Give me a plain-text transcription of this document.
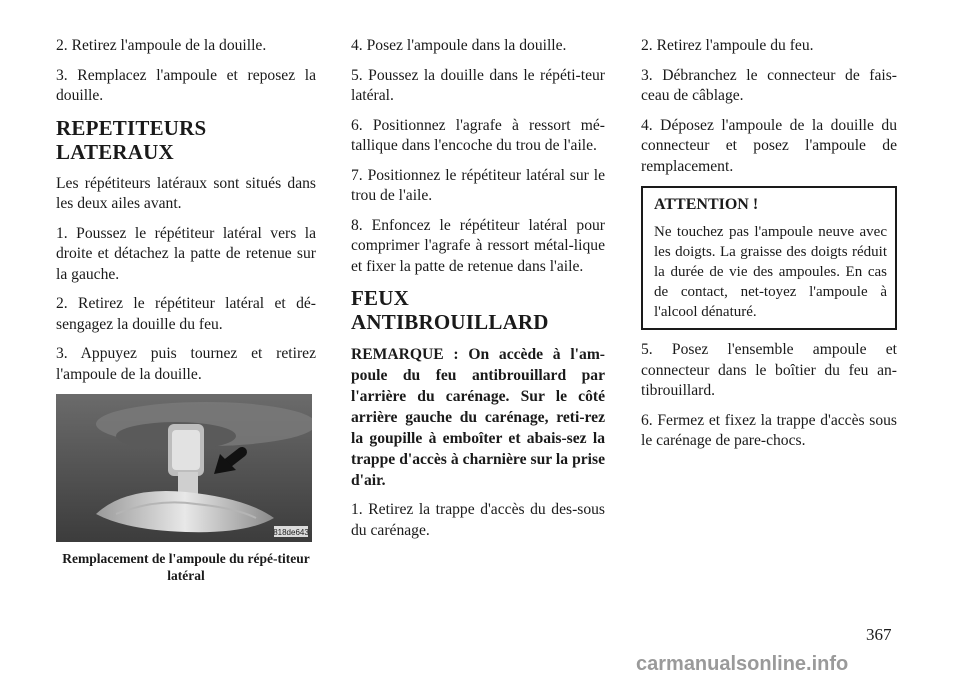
2. Retirez l'ampoule de la douille.

3. Remplacez l'ampoule et reposez la douille.

REPETITEURS LATERAUX

Les répétiteurs latéraux sont situés dans les deux ailes avant.

1. Poussez le répétiteur latéral vers la droite et détachez la patte de retenue sur la gauche.

2. Retirez le répétiteur latéral et dé-sengagez la douille du feu.

3. Appuyez puis tournez et retirez l'ampoule de la douille.

818de643
Remplacement de l'ampoule du répé-titeur latéral

4. Posez l'ampoule dans la douille.

5. Poussez la douille dans le répéti-teur latéral.

6. Positionnez l'agrafe à ressort mé-tallique dans l'encoche du trou de l'aile.

7. Positionnez le répétiteur latéral sur le trou de l'aile.

8. Enfoncez le répétiteur latéral pour comprimer l'agrafe à ressort métal-lique et fixer la patte de retenue dans l'aile.

FEUX ANTIBROUILLARD

REMARQUE : On accède à l'am-poule du feu antibrouillard par l'arrière du carénage. Sur le côté arrière gauche du carénage, reti-rez la goupille à emboîter et abais-sez la trappe d'accès à charnière sur la prise d'air.

1. Retirez la trappe d'accès du des-sous du carénage.

2. Retirez l'ampoule du feu.

3. Débranchez le connecteur de fais-ceau de câblage.

4. Déposez l'ampoule de la douille du connecteur et posez l'ampoule de remplacement.

ATTENTION !

Ne touchez pas l'ampoule neuve avec les doigts. La graisse des doigts réduit la durée de vie des ampoules. En cas de contact, net-toyez l'ampoule à l'alcool dénaturé.

5. Posez l'ensemble ampoule et connecteur dans le boîtier du feu an-tibrouillard.

6. Fermez et fixez la trappe d'accès sous le carénage de pare-chocs.

367
carmanualsonline.info
